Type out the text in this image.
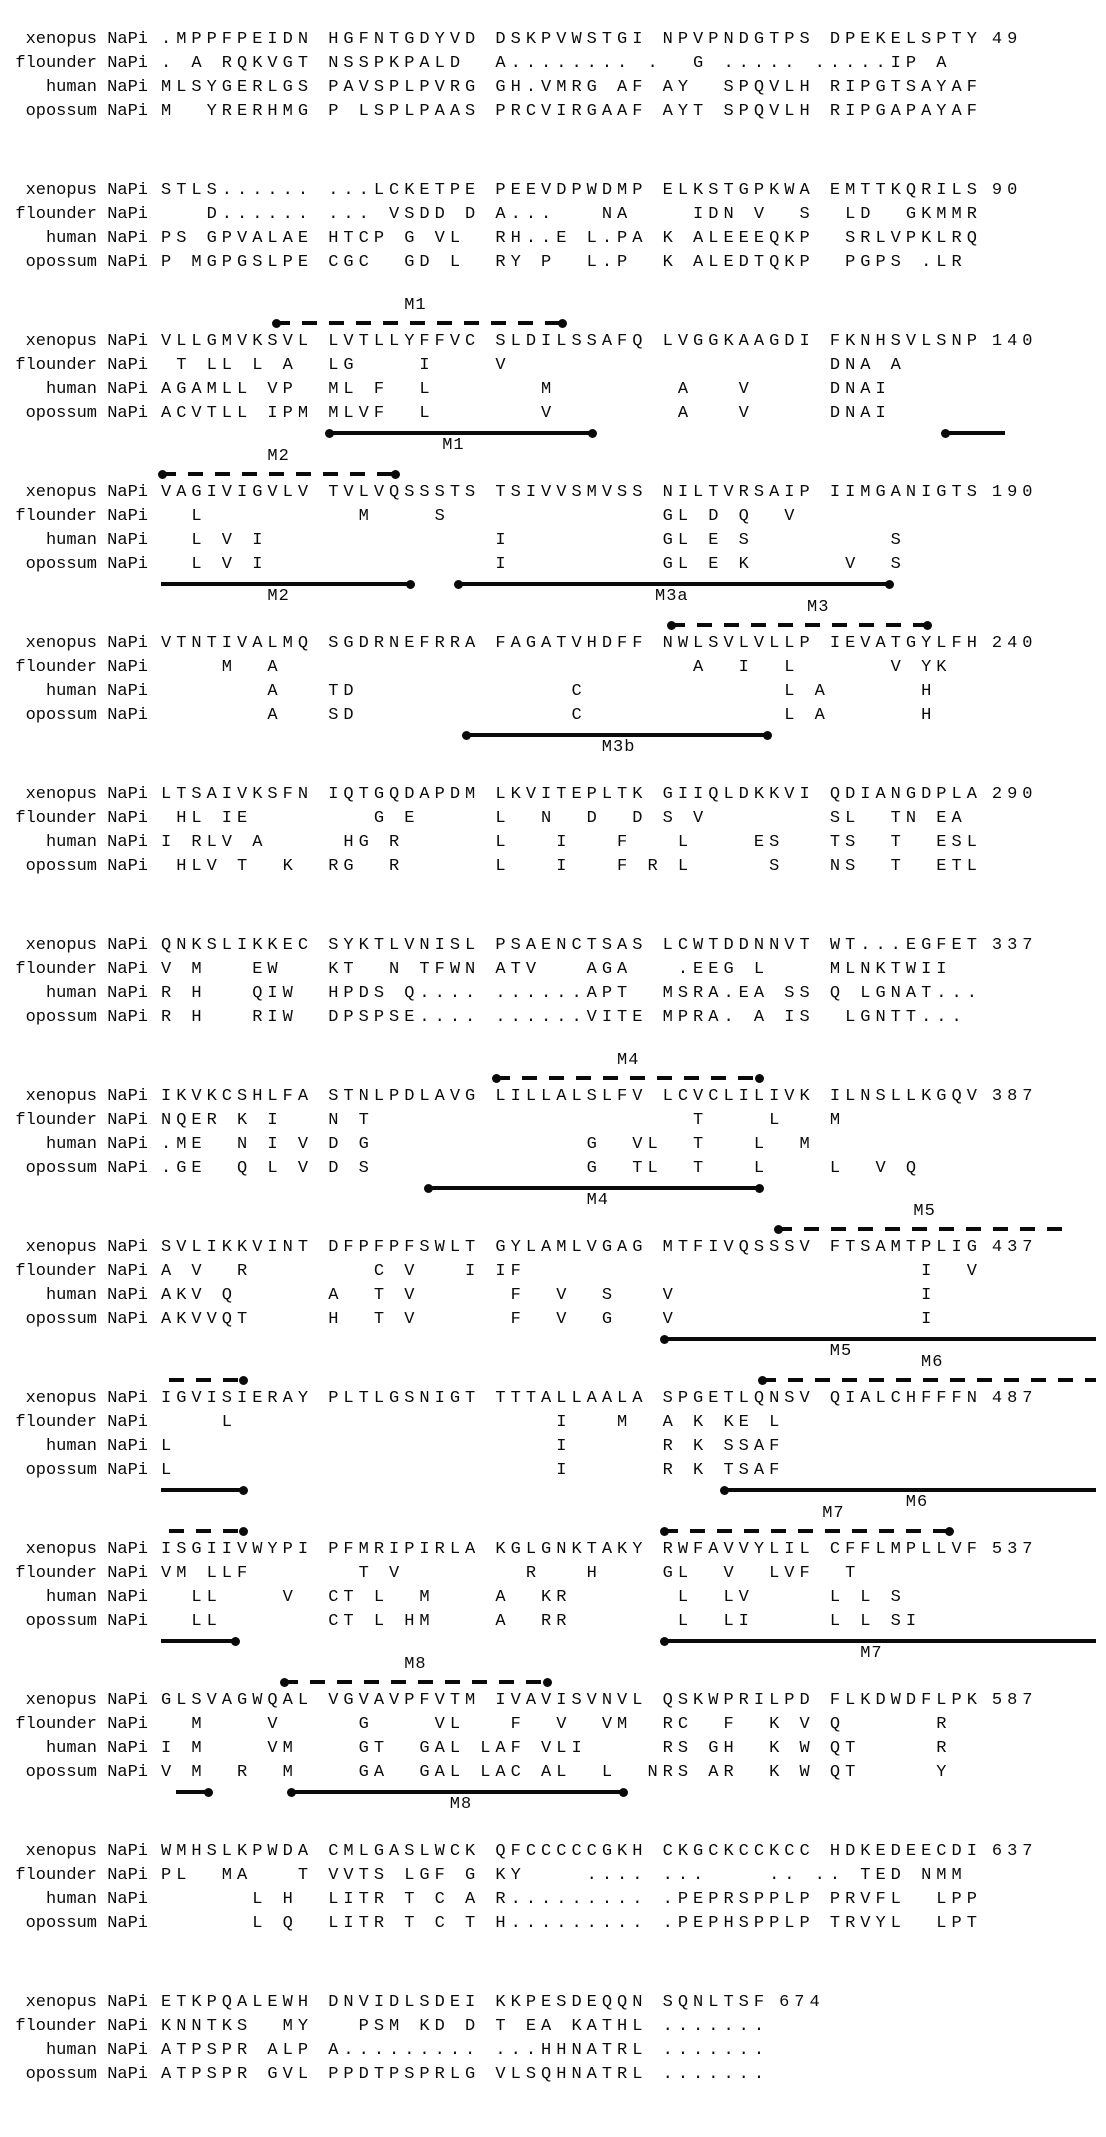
xenopus NaPi .MPPFPEIDN HGFNTGDYVD DSKPVWSTGI NPVPNDGTPS DPEKELSPTY 49
flounder NaPi . A RQKVGT NSSPKPALD  A........ .  G ..... .....IP A
human NaPi MLSYGERLGS PAVSPLPVRG GH.VMRG AF AY  SPQVLH RIPGTSAYAF
opossum NaPi M  YRERHMG P LSPLPAAS PRCVIRGAAF AYT SPQVLH RIPGAPAYAF
xenopus NaPi STLS...... ...LCKETPE PEEVDPWDMP ELKSTGPKWA EMTTKQRILS 90
flounder NaPi D...... ... VSDD D A...   NA    IDN V  S  LD  GKMMR
human NaPi PS GPVALAE HTCP G VL  RH..E L.PA K ALEEEQKP  SRLVPKLRQ
opossum NaPi P MGPGSLPE CGC  GD L  RY P  L.P  K ALEDTQKP  PGPS .LR
M1
xenopus NaPi VLLGMVKSVL LVTLLYFFVC SLDILSSAFQ LVGGKAAGDI FKNHSVLSNP 140
flounder NaPi T LL L A  LG    I    V                     DNA A
human NaPi AGAMLL VP  ML F  L       M        A   V     DNAI
opossum NaPi ACVTLL IPM MLVF  L       V        A   V     DNAI
M1
M2
xenopus NaPi VAGIVIGVLV TVLVQSSSTS TSIVVSMVSS NILTVRSAIP IIMGANIGTS 190
flounder NaPi L          M    S              GL D Q  V
human NaPi L V I               I          GL E S         S
opossum NaPi L V I               I          GL E K      V  S
M2	M3a
M3
xenopus NaPi VTNTIVALMQ SGDRNEFRRA FAGATVHDFF NWLSVLVLLP IEVATGYLFH 240
flounder NaPi M  A                           A  I  L      V YK
human NaPi A   TD              C             L A      H
opossum NaPi A   SD              C             L A      H
M3b
xenopus NaPi LTSAIVKSFN IQTGQDAPDM LKVITEPLTK GIIQLDKKVI QDIANGDPLA 290
flounder NaPi HL IE        G E     L  N  D  D S V        SL  TN EA
human NaPi I RLV A     HG R      L   I   F   L    ES   TS  T  ESL
opossum NaPi HLV T  K  RG  R      L   I   F R L     S   NS  T  ETL
xenopus NaPi QNKSLIKKEC SYKTLVNISL PSAENCTSAS LCWTDDNNVT WT...EGFET 337
flounder NaPi V M   EW   KT  N TFWN ATV   AGA   .EEG L    MLNKTWII
human NaPi R H   QIW  HPDS Q.... ......APT  MSRA.EA SS Q LGNAT...
opossum NaPi R H   RIW  DPSPSE.... ......VITE MPRA. A IS  LGNTT...
M4
xenopus NaPi IKVKCSHLFA STNLPDLAVG LILLALSLFV LCVCLILIVK ILNSLLKGQV 387
flounder NaPi NQER K I   N T                     T    L   M
human NaPi .ME  N I V D G              G  VL  T   L  M
opossum NaPi .GE  Q L V D S              G  TL  T   L    L  V Q
M4
M5
xenopus NaPi SVLIKKVINT DFPFPFSWLT GYLAMLVGAG MTFIVQSSSV FTSAMTPLIG 437
flounder NaPi A V  R        C V   I IF                          I  V
human NaPi AKV Q      A  T V      F  V  S   V                I
opossum NaPi AKVVQT     H  T V      F  V  G   V                I
M5
M6
xenopus NaPi IGVISIERAY PLTLGSNIGT TTTALLAALA SPGETLQNSV QIALCHFFFN 487
flounder NaPi L                     I   M  A K KE L
human NaPi L                         I      R K SSAF
opossum NaPi L                         I      R K TSAF
M6
M7
xenopus NaPi ISGIIVWYPI PFMRIPIRLA KGLGNKTAKY RWFAVVYLIL CFFLMPLLVF 537
flounder NaPi VM LLF       T V        R   H    GL  V  LVF  T
human NaPi LL    V  CT L  M    A  KR       L  LV     L L S
opossum NaPi LL       CT L HM    A  RR       L  LI     L L SI
M7
M8
xenopus NaPi GLSVAGWQAL VGVAVPFVTM IVAVISVNVL QSKWPRILPD FLKDWDFLPK 587
flounder NaPi M    V     G    VL   F  V  VM  RC  F  K V Q      R
human NaPi I M    VM    GT  GAL LAF VLI     RS GH  K W QT     R
opossum NaPi V M  R  M    GA  GAL LAC AL  L  NRS AR  K W QT     Y
M8
xenopus NaPi WMHSLKPWDA CMLGASLWCK QFCCCCCGKH CKGCKCCKCC HDKEDEECDI 637
flounder NaPi PL  MA   T VVTS LGF G KY    .... ...    .. .. TED NMM
human NaPi L H  LITR T C A R......... .PEPRSPPLP PRVFL  LPP
opossum NaPi L Q  LITR T C T H......... .PEPHSPPLP TRVYL  LPT
xenopus NaPi ETKPQALEWH DNVIDLSDEI KKPESDEQQN SQNLTSF 674
flounder NaPi KNNTKS  MY   PSM KD D T EA KATHL .......
human NaPi ATPSPR ALP A......... ...HHNATRL .......
opossum NaPi ATPSPR GVL PPDTPSPRLG VLSQHNATRL .......
